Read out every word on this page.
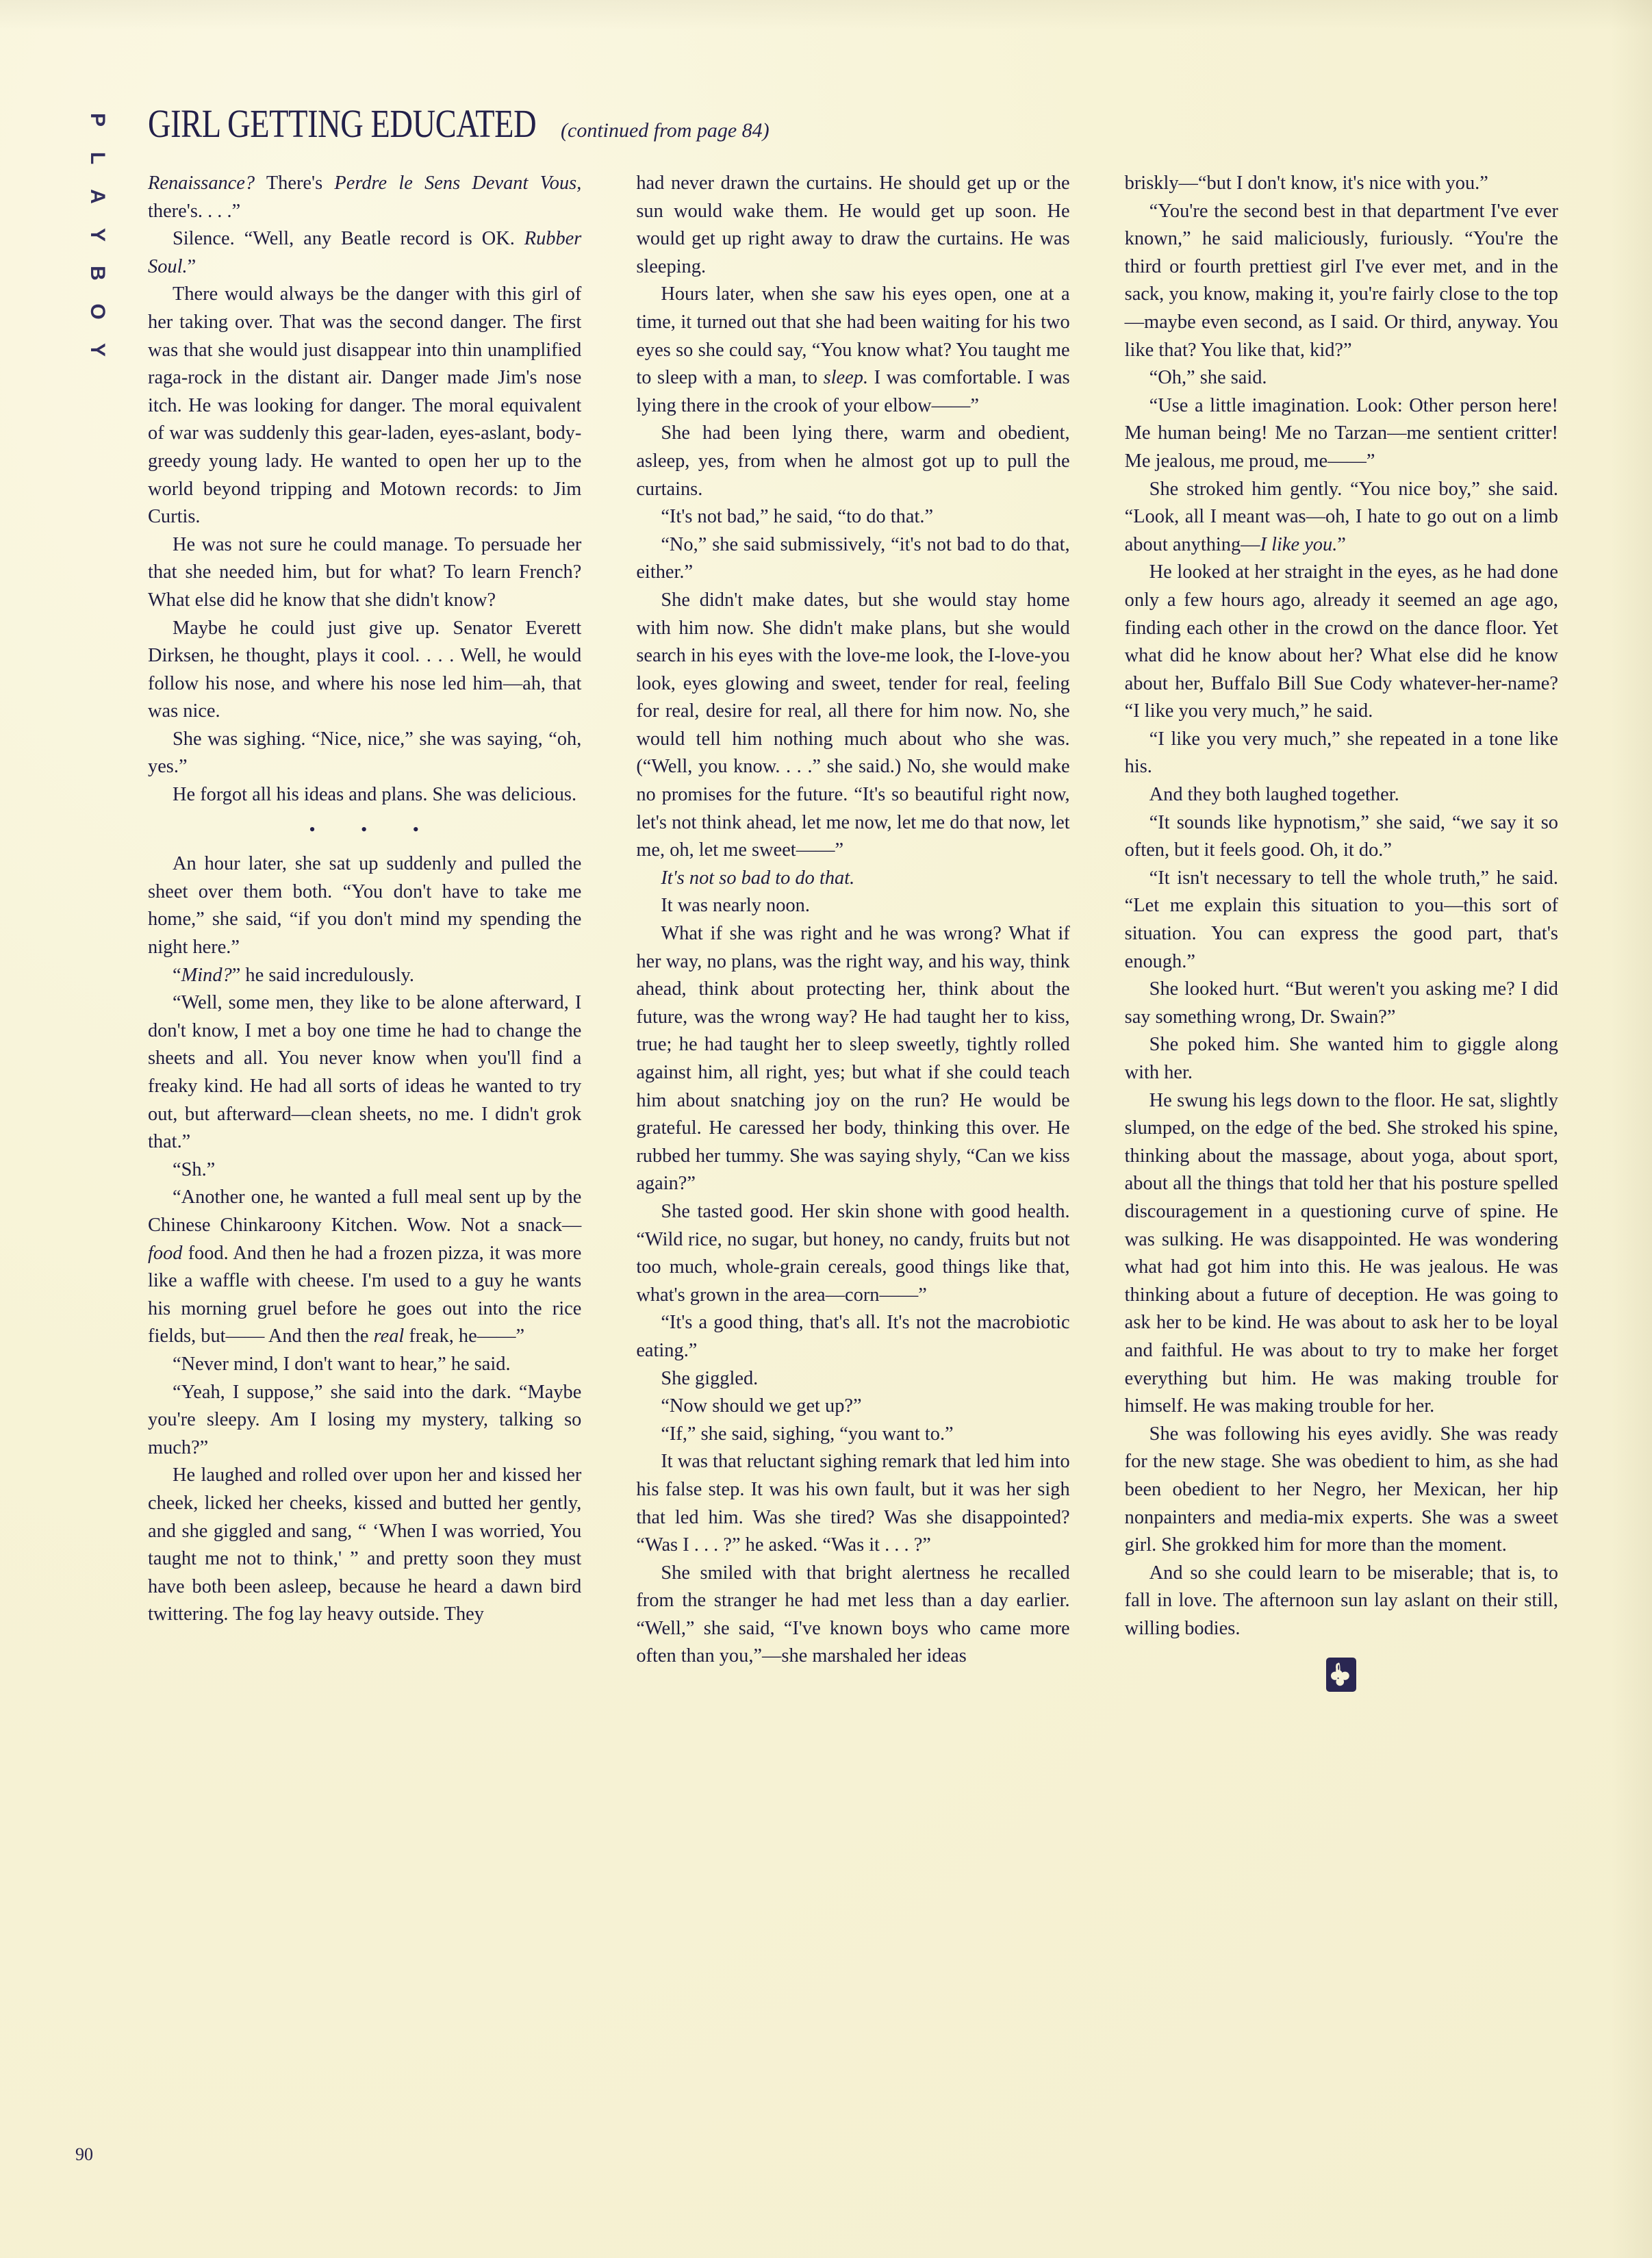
P
L
A
Y
B
O
Y
GIRL GETTING EDUCATED (continued from page 84)

Renaissance? There's Perdre le Sens Devant Vous, there's. . . .”

Silence. “Well, any Beatle record is OK. Rubber Soul.”

There would always be the danger with this girl of her taking over. That was the second danger. The first was that she would just disappear into thin unamplified raga-rock in the distant air. Danger made Jim's nose itch. He was looking for danger. The moral equivalent of war was suddenly this gear-laden, eyes-aslant, body-greedy young lady. He wanted to open her up to the world beyond tripping and Motown records: to Jim Curtis.

He was not sure he could manage. To persuade her that she needed him, but for what? To learn French? What else did he know that she didn't know?

Maybe he could just give up. Senator Everett Dirksen, he thought, plays it cool. . . . Well, he would follow his nose, and where his nose led him—ah, that was nice.

She was sighing. “Nice, nice,” she was saying, “oh, yes.”

He forgot all his ideas and plans. She was delicious.

• • •

An hour later, she sat up suddenly and pulled the sheet over them both. “You don't have to take me home,” she said, “if you don't mind my spending the night here.”

“Mind?” he said incredulously.

“Well, some men, they like to be alone afterward, I don't know, I met a boy one time he had to change the sheets and all. You never know when you'll find a freaky kind. He had all sorts of ideas he wanted to try out, but afterward—clean sheets, no me. I didn't grok that.”

“Sh.”

“Another one, he wanted a full meal sent up by the Chinese Chinkaroony Kitchen. Wow. Not a snack—food food. And then he had a frozen pizza, it was more like a waffle with cheese. I'm used to a guy he wants his morning gruel before he goes out into the rice fields, but—— And then the real freak, he——”

“Never mind, I don't want to hear,” he said.

“Yeah, I suppose,” she said into the dark. “Maybe you're sleepy. Am I losing my mystery, talking so much?”

He laughed and rolled over upon her and kissed her cheek, licked her cheeks, kissed and butted her gently, and she giggled and sang, “ ‘When I was worried, You taught me not to think,' ” and pretty soon they must have both been asleep, because he heard a dawn bird twittering. The fog lay heavy outside. They

had never drawn the curtains. He should get up or the sun would wake them. He would get up soon. He would get up right away to draw the curtains. He was sleeping.

Hours later, when she saw his eyes open, one at a time, it turned out that she had been waiting for his two eyes so she could say, “You know what? You taught me to sleep with a man, to sleep. I was comfortable. I was lying there in the crook of your elbow——”

She had been lying there, warm and obedient, asleep, yes, from when he almost got up to pull the curtains.

“It's not bad,” he said, “to do that.”

“No,” she said submissively, “it's not bad to do that, either.”

She didn't make dates, but she would stay home with him now. She didn't make plans, but she would search in his eyes with the love-me look, the I-love-you look, eyes glowing and sweet, tender for real, feeling for real, desire for real, all there for him now. No, she would tell him nothing much about who she was. (“Well, you know. . . .” she said.) No, she would make no promises for the future. “It's so beautiful right now, let's not think ahead, let me now, let me do that now, let me, oh, let me sweet——”

It's not so bad to do that.

It was nearly noon.

What if she was right and he was wrong? What if her way, no plans, was the right way, and his way, think ahead, think about protecting her, think about the future, was the wrong way? He had taught her to kiss, true; he had taught her to sleep sweetly, tightly rolled against him, all right, yes; but what if she could teach him about snatching joy on the run? He would be grateful. He caressed her body, thinking this over. He rubbed her tummy. She was saying shyly, “Can we kiss again?”

She tasted good. Her skin shone with good health. “Wild rice, no sugar, but honey, no candy, fruits but not too much, whole-grain cereals, good things like that, what's grown in the area—corn——”

“It's a good thing, that's all. It's not the macrobiotic eating.”

She giggled.

“Now should we get up?”

“If,” she said, sighing, “you want to.”

It was that reluctant sighing remark that led him into his false step. It was his own fault, but it was her sigh that led him. Was she tired? Was she disappointed? “Was I . . . ?” he asked. “Was it . . . ?”

She smiled with that bright alertness he recalled from the stranger he had met less than a day earlier. “Well,” she said, “I've known boys who came more often than you,”—she marshaled her ideas

briskly—“but I don't know, it's nice with you.”

“You're the second best in that department I've ever known,” he said maliciously, furiously. “You're the third or fourth prettiest girl I've ever met, and in the sack, you know, making it, you're fairly close to the top—maybe even second, as I said. Or third, anyway. You like that? You like that, kid?”

“Oh,” she said.

“Use a little imagination. Look: Other person here! Me human being! Me no Tarzan—me sentient critter! Me jealous, me proud, me——”

She stroked him gently. “You nice boy,” she said. “Look, all I meant was—oh, I hate to go out on a limb about anything—I like you.”

He looked at her straight in the eyes, as he had done only a few hours ago, already it seemed an age ago, finding each other in the crowd on the dance floor. Yet what did he know about her? What else did he know about her, Buffalo Bill Sue Cody whatever-her-name? “I like you very much,” he said.

“I like you very much,” she repeated in a tone like his.

And they both laughed together.

“It sounds like hypnotism,” she said, “we say it so often, but it feels good. Oh, it do.”

“It isn't necessary to tell the whole truth,” he said. “Let me explain this situation to you—this sort of situation. You can express the good part, that's enough.”

She looked hurt. “But weren't you asking me? I did say something wrong, Dr. Swain?”

She poked him. She wanted him to giggle along with her.

He swung his legs down to the floor. He sat, slightly slumped, on the edge of the bed. She stroked his spine, thinking about the massage, about yoga, about sport, about all the things that told her that his posture spelled discouragement in a questioning curve of spine. He was sulking. He was disappointed. He was wondering what had got him into this. He was jealous. He was thinking about a future of deception. He was going to ask her to be kind. He was about to ask her to be loyal and faithful. He was about to try to make her forget everything but him. He was making trouble for himself. He was making trouble for her.

She was following his eyes avidly. She was ready for the new stage. She was obedient to him, as she had been obedient to her Negro, her Mexican, her hip nonpainters and media-mix experts. She was a sweet girl. She grokked him for more than the moment.

And so she could learn to be miserable; that is, to fall in love. The afternoon sun lay aslant on their still, willing bodies.

90
